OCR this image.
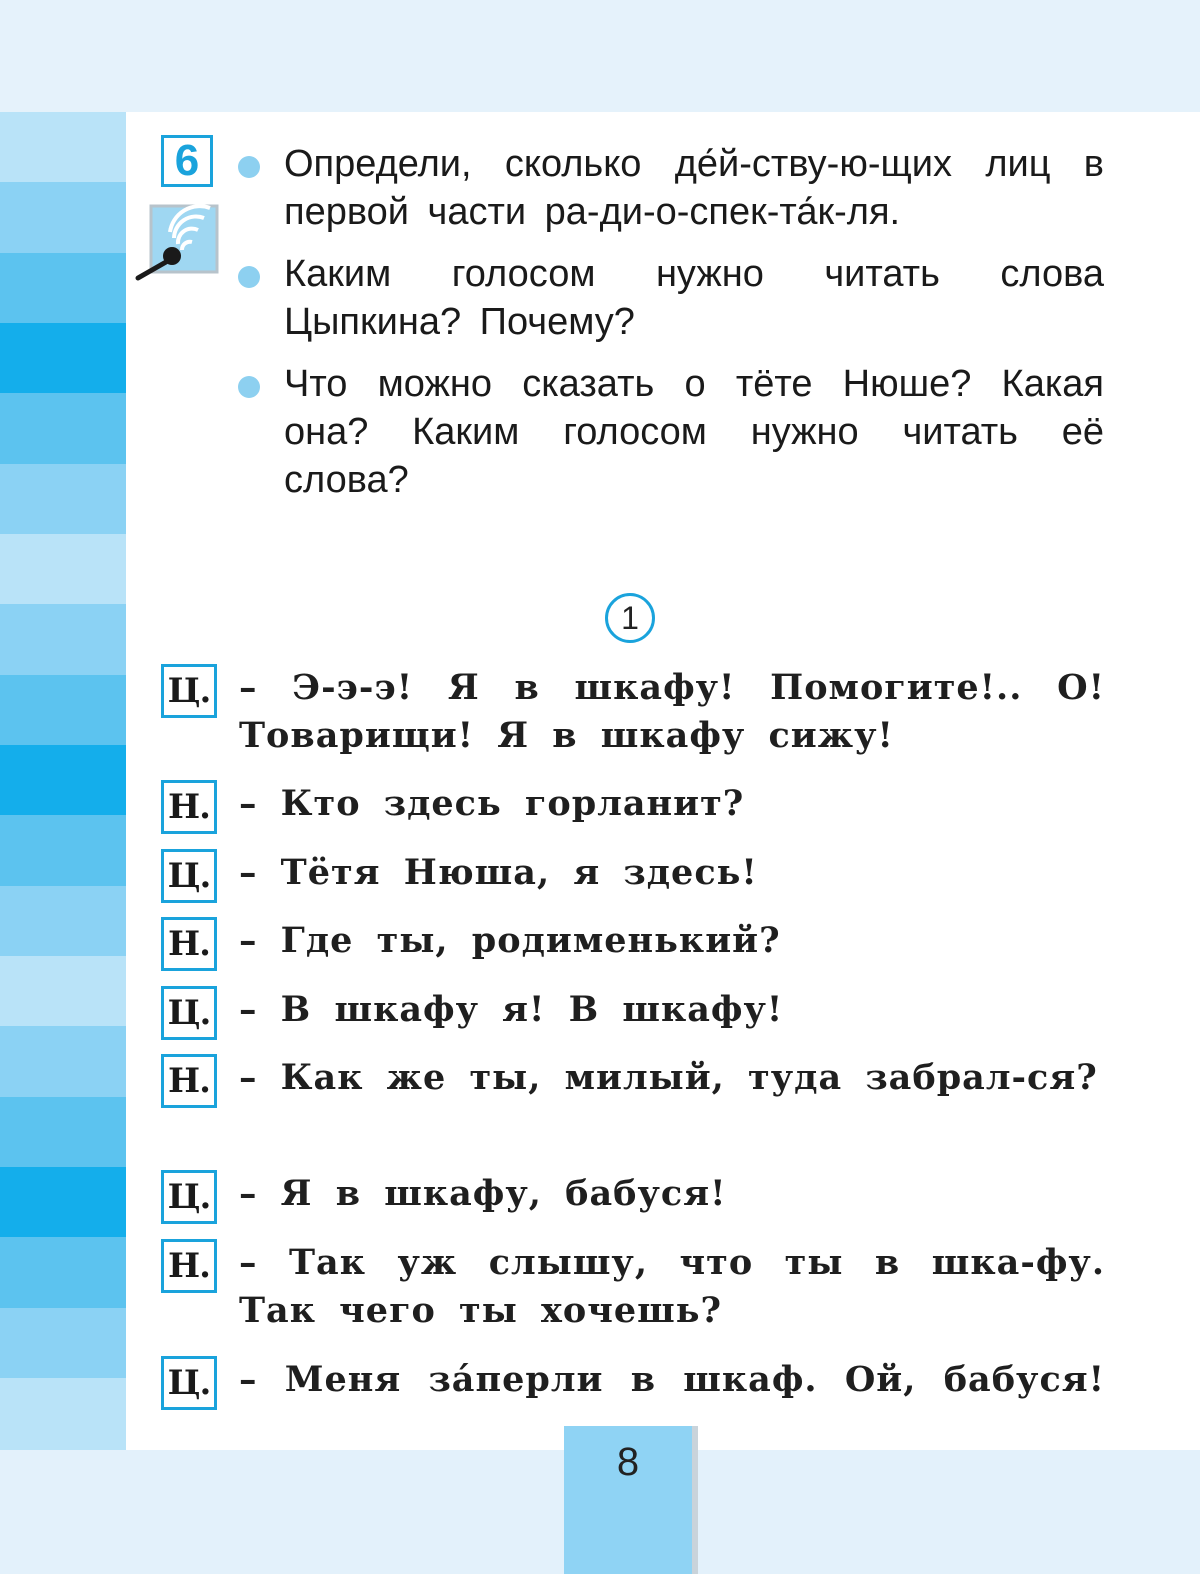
6	Определи, сколько де́й-ству-ю-щих лиц в первой части ра-ди-о-спек-та́к-ля.
Каким голосом нужно читать слова Цыпкина? Почему?
Что можно сказать о тёте Нюше? Какая она? Каким голосом нужно читать её слова?
1
Ц. – Э-э-э! Я в шкафу! Помогите!.. О! Товарищи! Я в шкафу сижу!
Н. – Кто здесь горланит?
Ц. – Тётя Нюша, я здесь!
Н. – Где ты, родименький?
Ц. – В шкафу я! В шкафу!
Н. – Как же ты, милый, туда забрал-ся?
Ц. – Я в шкафу, бабуся!
Н. – Так уж слышу, что ты в шка-фу. Так чего ты хочешь?
Ц. – Меня за́перли в шкаф. Ой, бабуся!
8
